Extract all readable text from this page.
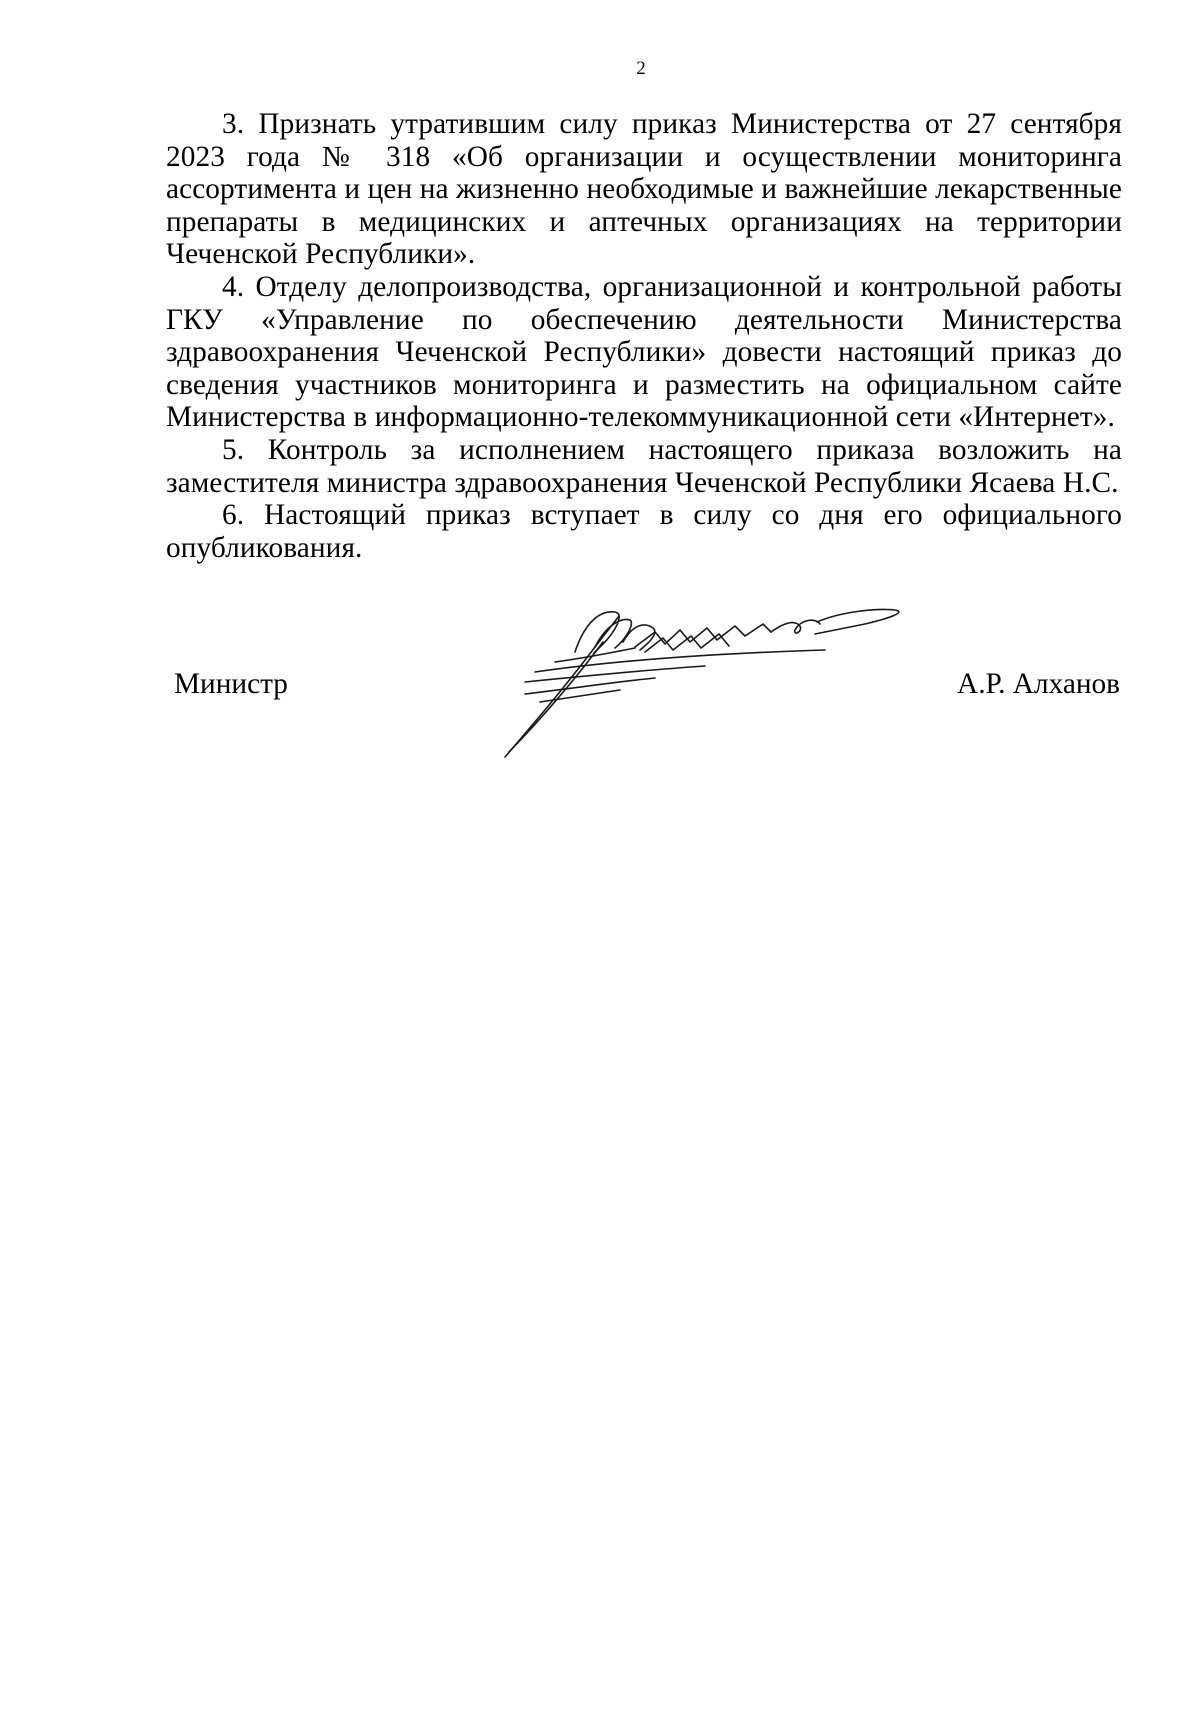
2

3. Признать утратившим силу приказ Министерства от 27 сентября 2023 года № 318 «Об организации и осуществлении мониторинга ассортимента и цен на жизненно необходимые и важнейшие лекарственные препараты в медицинских и аптечных организациях на территории Чеченской Республики».

4. Отделу делопроизводства, организационной и контрольной работы ГКУ «Управление по обеспечению деятельности Министерства здравоохранения Чеченской Республики» довести настоящий приказ до сведения участников мониторинга и разместить на официальном сайте Министерства в информационно-телекоммуникационной сети «Интернет».

5. Контроль за исполнением настоящего приказа возложить на заместителя министра здравоохранения Чеченской Республики Ясаева Н.С.

6. Настоящий приказ вступает в силу со дня его официального опубликования.

Министр	А.Р. Алханов
